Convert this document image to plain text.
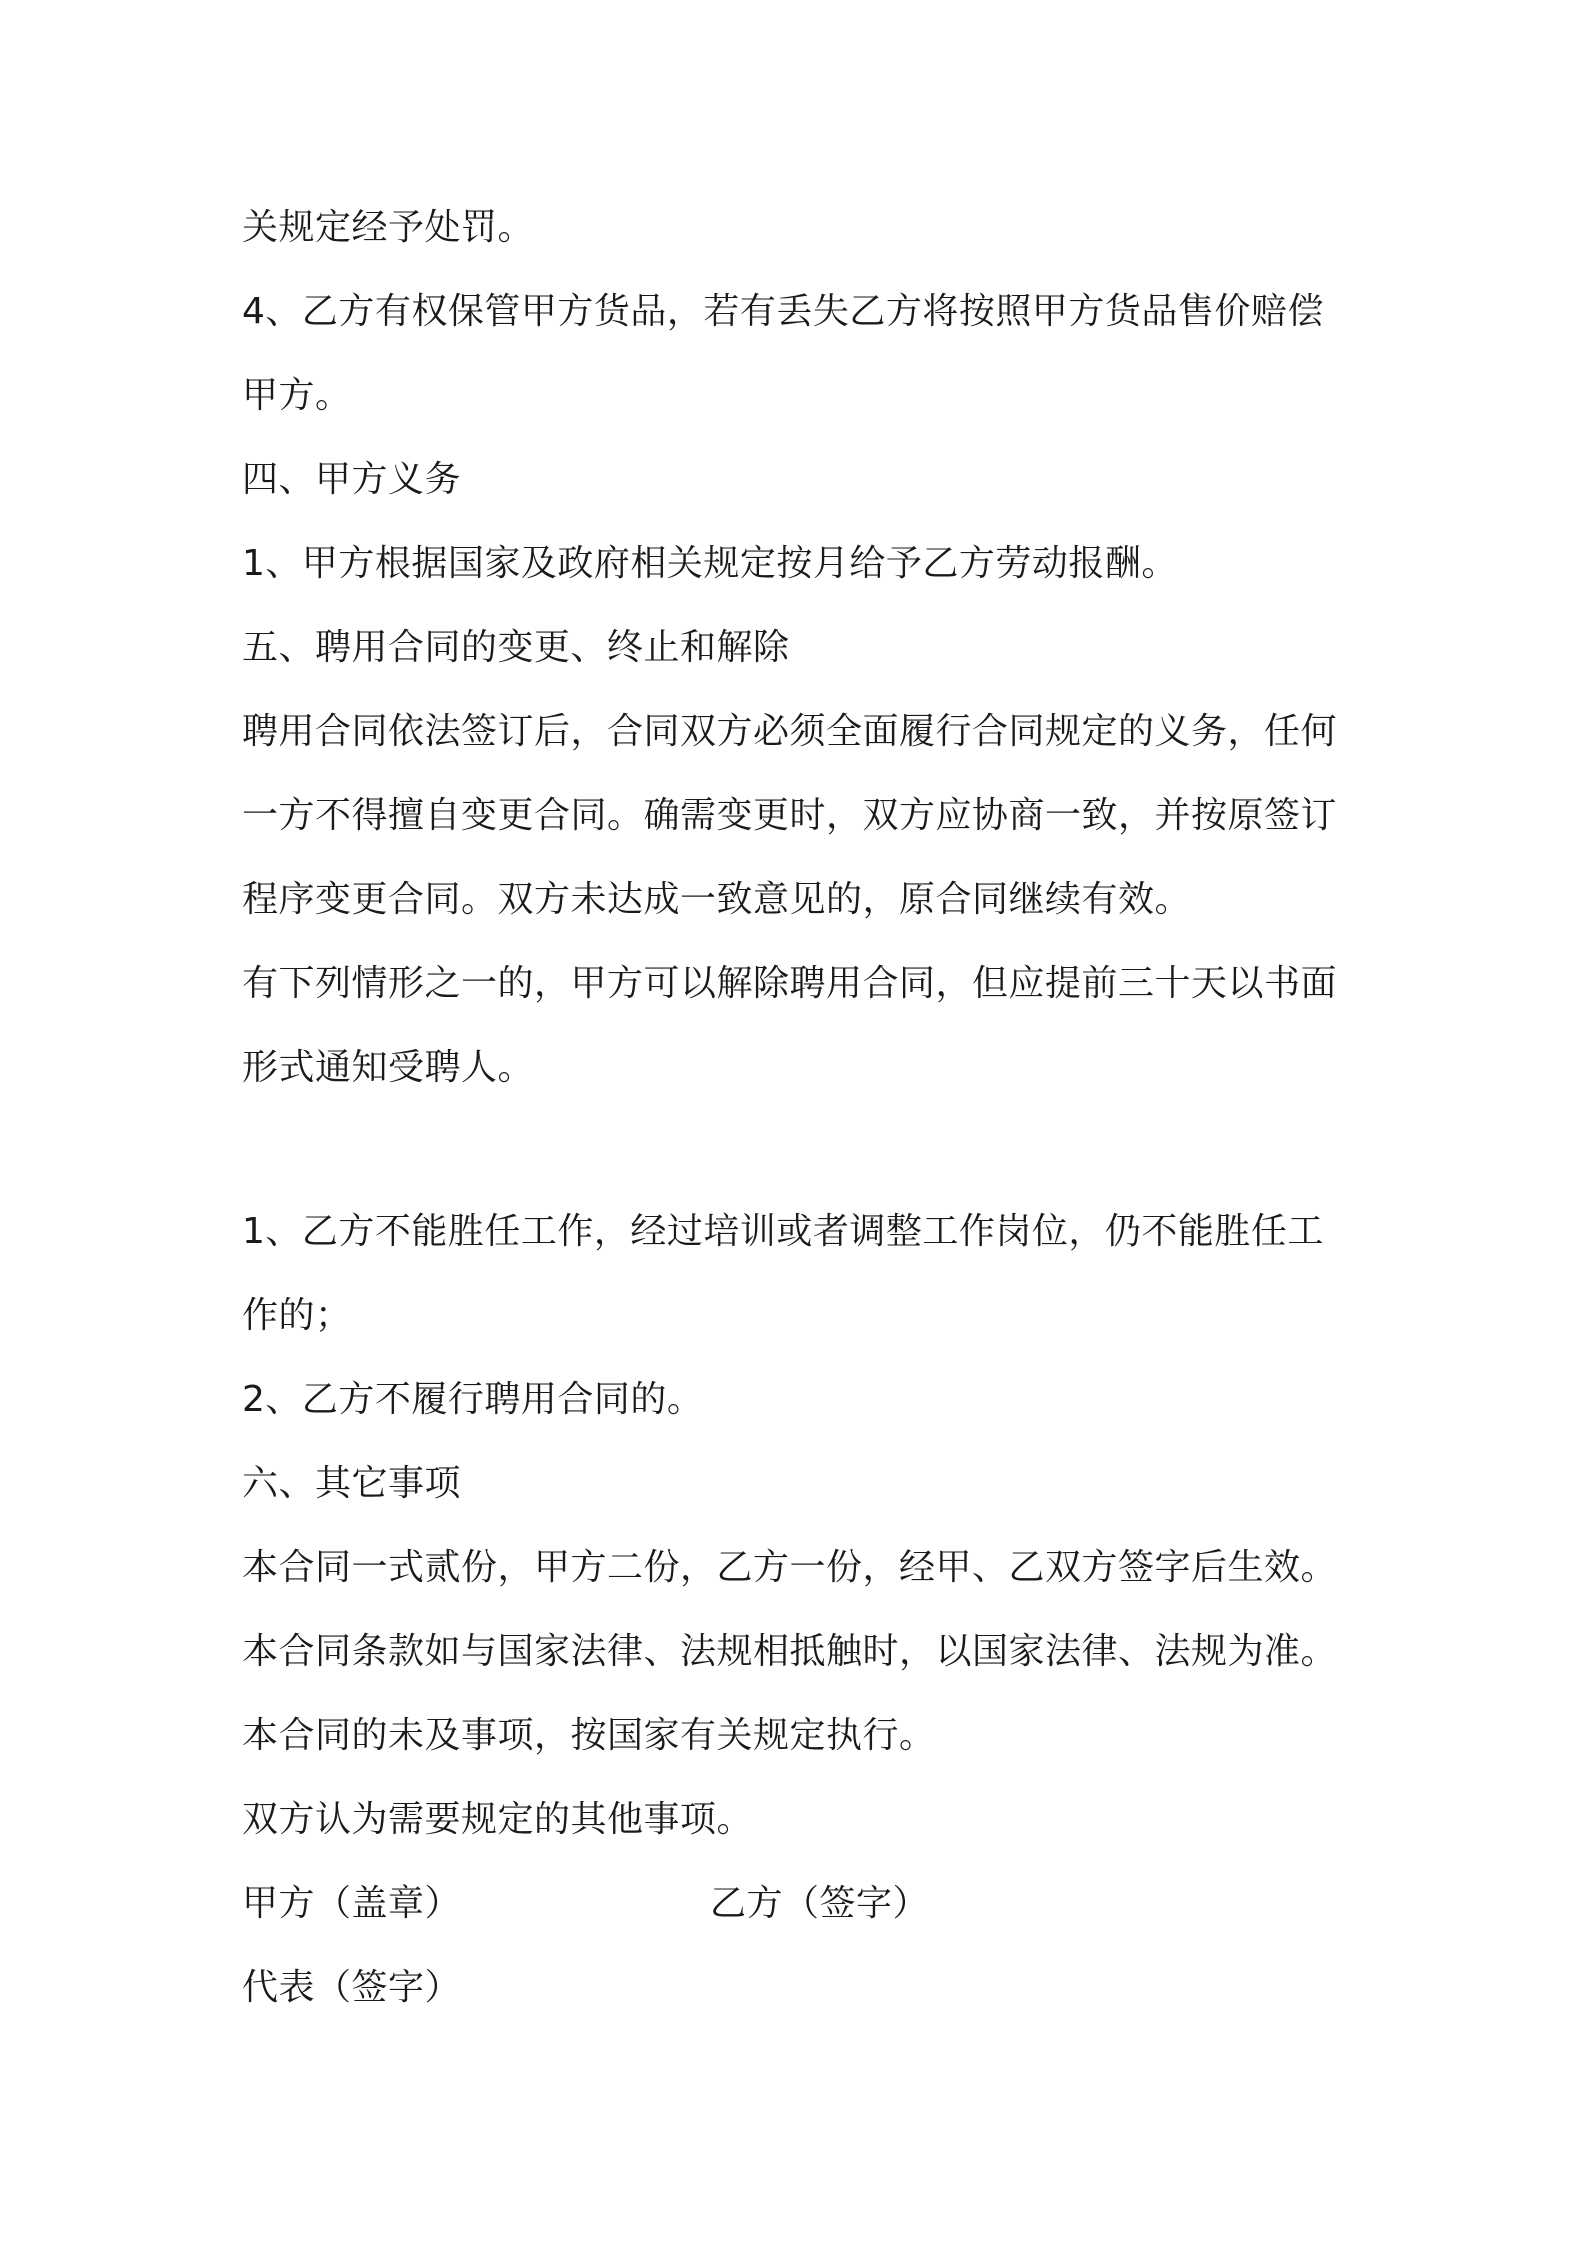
关规定经予处罚。
4、乙方有权保管甲方货品，若有丢失乙方将按照甲方货品售价赔偿
甲方。
四、甲方义务
1、甲方根据国家及政府相关规定按月给予乙方劳动报酬。
五、聘用合同的变更、终止和解除
聘用合同依法签订后，合同双方必须全面履行合同规定的义务，任何
一方不得擅自变更合同。确需变更时，双方应协商一致，并按原签订
程序变更合同。双方未达成一致意见的，原合同继续有效。
有下列情形之一的，甲方可以解除聘用合同，但应提前三十天以书面
形式通知受聘人。
1、乙方不能胜任工作，经过培训或者调整工作岗位，仍不能胜任工
作的；
2、乙方不履行聘用合同的。
六、其它事项
本合同一式贰份，甲方二份，乙方一份，经甲、乙双方签字后生效。
本合同条款如与国家法律、法规相抵触时，以国家法律、法规为准。
本合同的未及事项，按国家有关规定执行。
双方认为需要规定的其他事项。
甲方（盖章）	乙方（签字）
代表（签字）
